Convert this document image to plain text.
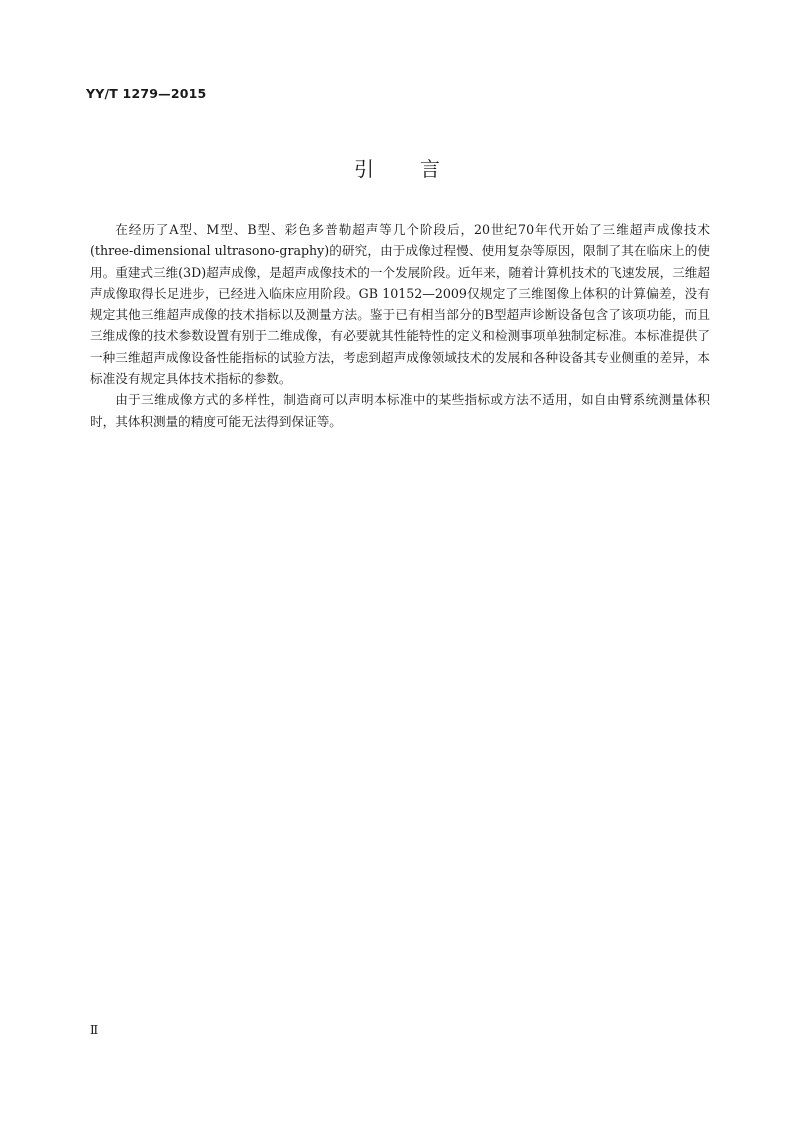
YY/T 1279—2015
引言

在经历了A型、M型、B型、彩色多普勒超声等几个阶段后，20世纪70年代开始了三维超声成像技术(three-dimensional ultrasono-graphy)的研究，由于成像过程慢、使用复杂等原因，限制了其在临床上的使用。重建式三维(3D)超声成像，是超声成像技术的一个发展阶段。近年来，随着计算机技术的飞速发展，三维超声成像取得长足进步，已经进入临床应用阶段。GB 10152—2009仅规定了三维图像上体积的计算偏差，没有规定其他三维超声成像的技术指标以及测量方法。鉴于已有相当部分的B型超声诊断设备包含了该项功能，而且三维成像的技术参数设置有别于二维成像，有必要就其性能特性的定义和检测事项单独制定标准。本标准提供了一种三维超声成像设备性能指标的试验方法，考虑到超声成像领域技术的发展和各种设备其专业侧重的差异，本标准没有规定具体技术指标的参数。

由于三维成像方式的多样性，制造商可以声明本标准中的某些指标或方法不适用，如自由臂系统测量体积时，其体积测量的精度可能无法得到保证等。

Ⅱ
